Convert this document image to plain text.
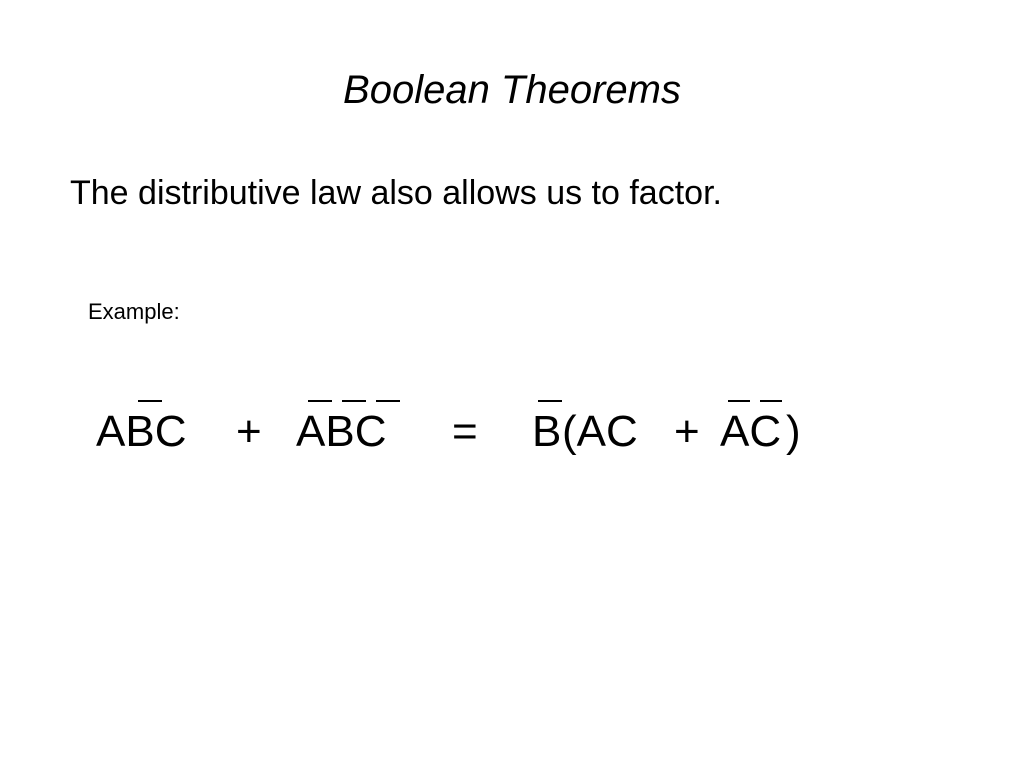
Boolean Theorems
The distributive law also allows us to factor.
Example:
ABC + ABC = B (AC + AC )
